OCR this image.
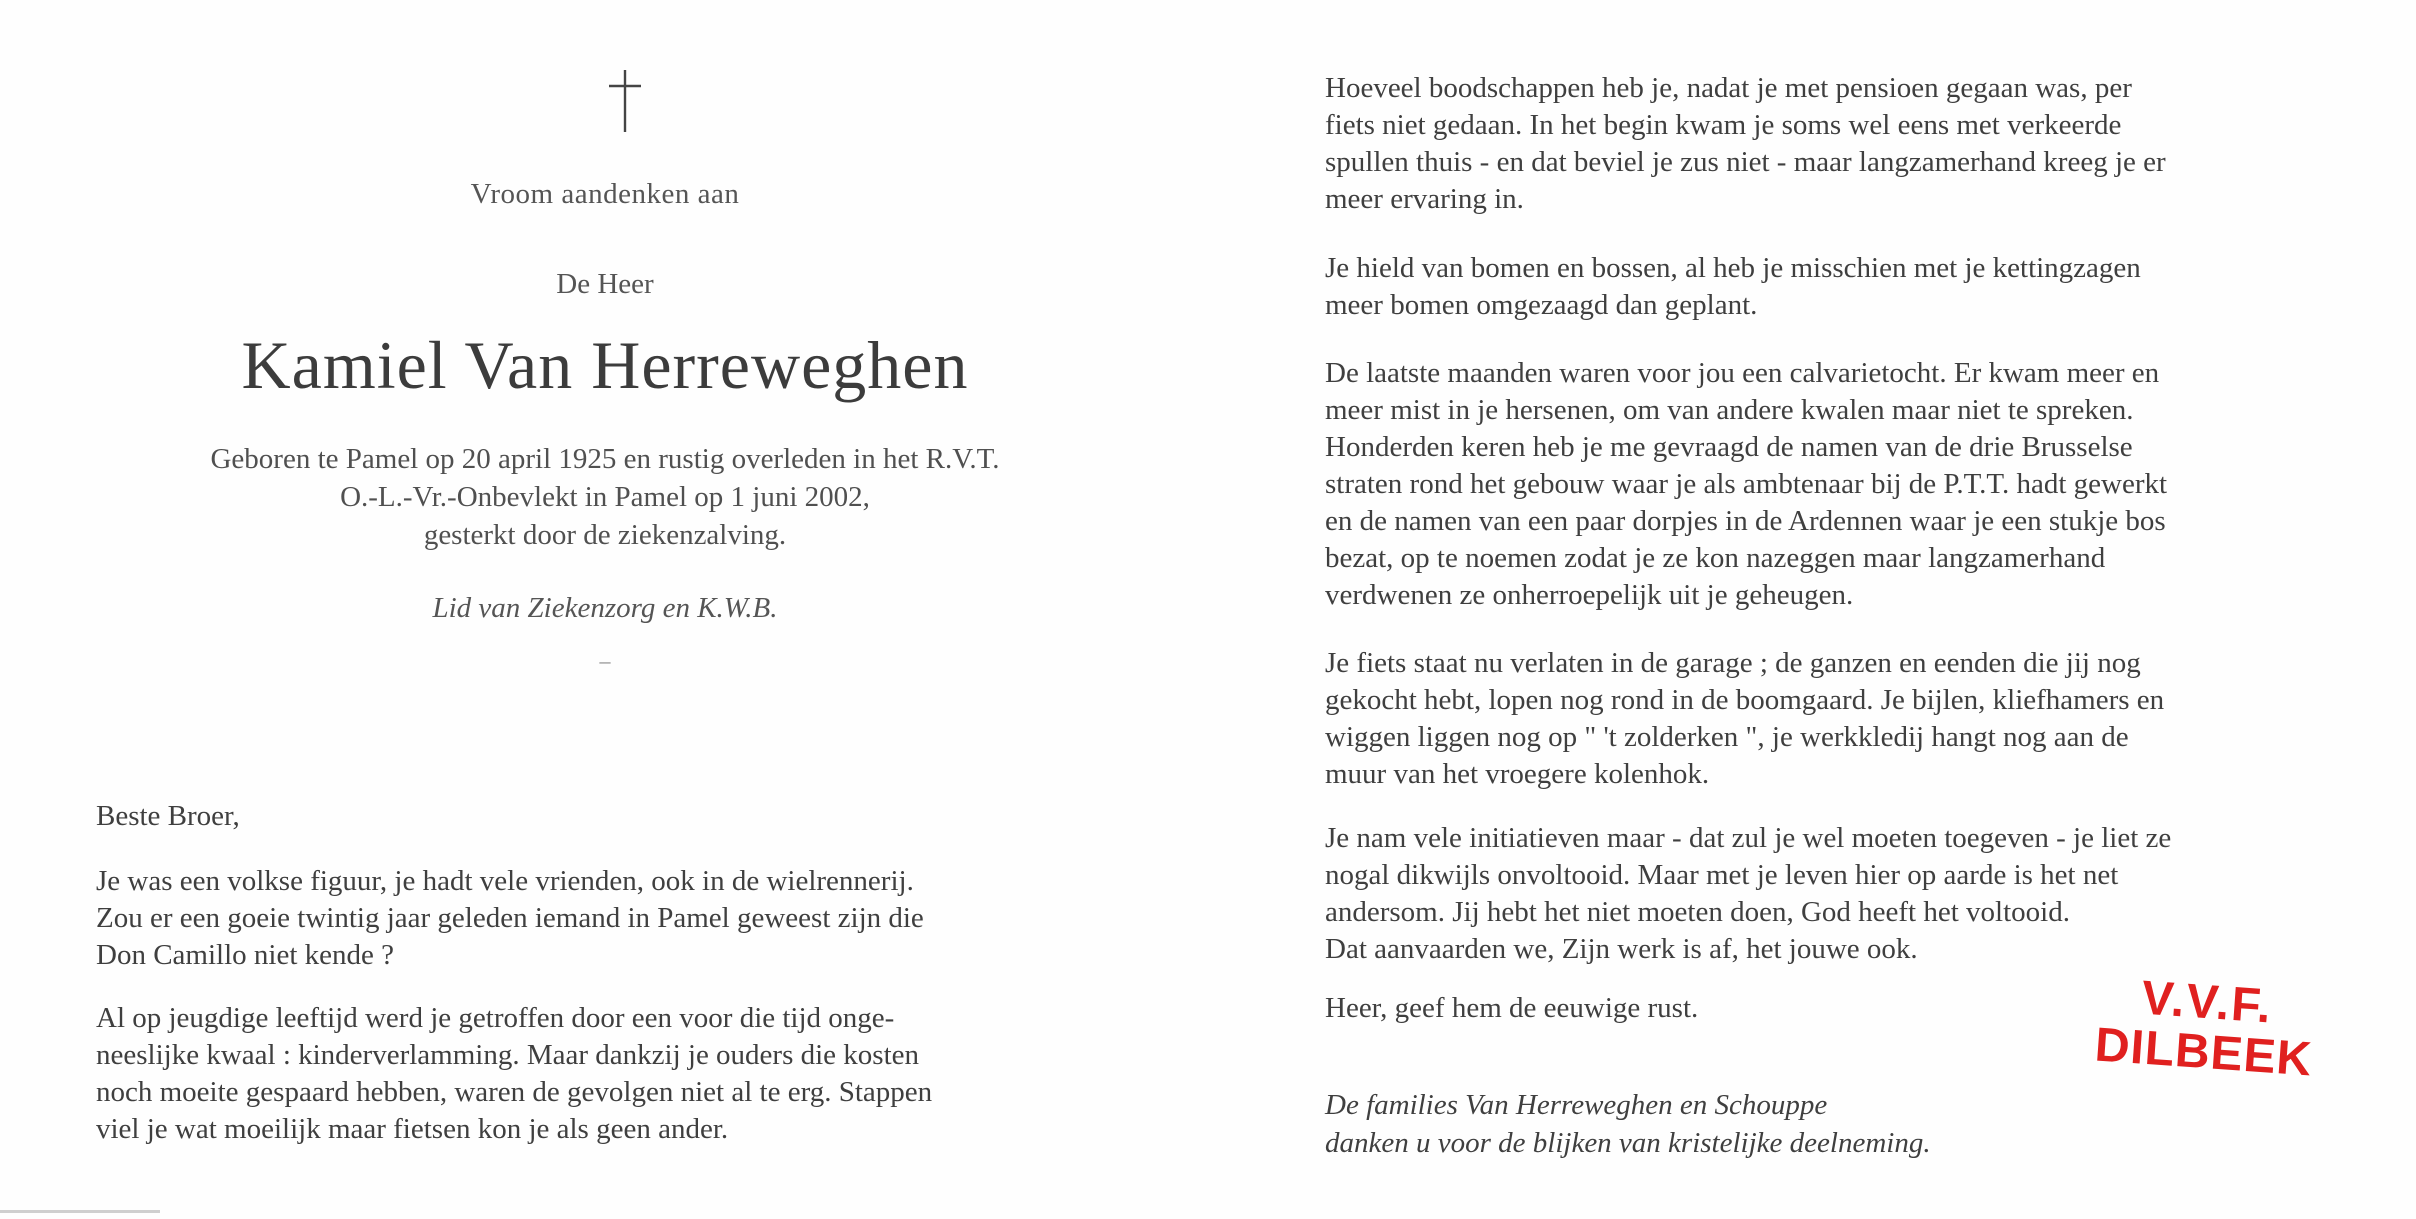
Vroom aandenken aan
De Heer
Kamiel Van Herreweghen
Geboren te Pamel op 20 april 1925 en rustig overleden in het R.V.T.
O.-L.-Vr.-Onbevlekt in Pamel op 1 juni 2002,
gesterkt door de ziekenzalving.
Lid van Ziekenzorg en K.W.B.
–
Beste Broer,
Je was een volkse figuur, je hadt vele vrienden, ook in de wielrennerij.
Zou er een goeie twintig jaar geleden iemand in Pamel geweest zijn die
Don Camillo niet kende ?
Al op jeugdige leeftijd werd je getroffen door een voor die tijd onge-
neeslijke kwaal : kinderverlamming. Maar dankzij je ouders die kosten
noch moeite gespaard hebben, waren de gevolgen niet al te erg. Stappen
viel je wat moeilijk maar fietsen kon je als geen ander.
Hoeveel boodschappen heb je, nadat je met pensioen gegaan was, per
fiets niet gedaan. In het begin kwam je soms wel eens met verkeerde
spullen thuis - en dat beviel je zus niet - maar langzamerhand kreeg je er
meer ervaring in.
Je hield van bomen en bossen, al heb je misschien met je kettingzagen
meer bomen omgezaagd dan geplant.
De laatste maanden waren voor jou een calvarietocht. Er kwam meer en
meer mist in je hersenen, om van andere kwalen maar niet te spreken.
Honderden keren heb je me gevraagd de namen van de drie Brusselse
straten rond het gebouw waar je als ambtenaar bij de P.T.T. hadt gewerkt
en de namen van een paar dorpjes in de Ardennen waar je een stukje bos
bezat, op te noemen zodat je ze kon nazeggen maar langzamerhand
verdwenen ze onherroepelijk uit je geheugen.
Je fiets staat nu verlaten in de garage ; de ganzen en eenden die jij nog
gekocht hebt, lopen nog rond in de boomgaard. Je bijlen, kliefhamers en
wiggen liggen nog op " 't zolderken ", je werkkledij hangt nog aan de
muur van het vroegere kolenhok.
Je nam vele initiatieven maar - dat zul je wel moeten toegeven - je liet ze
nogal dikwijls onvoltooid. Maar met je leven hier op aarde is het net
andersom. Jij hebt het niet moeten doen, God heeft het voltooid.
Dat aanvaarden we, Zijn werk is af, het jouwe ook.
Heer, geef hem de eeuwige rust.
De families Van Herreweghen en Schouppe
danken u voor de blijken van kristelijke deelneming.
V.V.F.
DILBEEK
